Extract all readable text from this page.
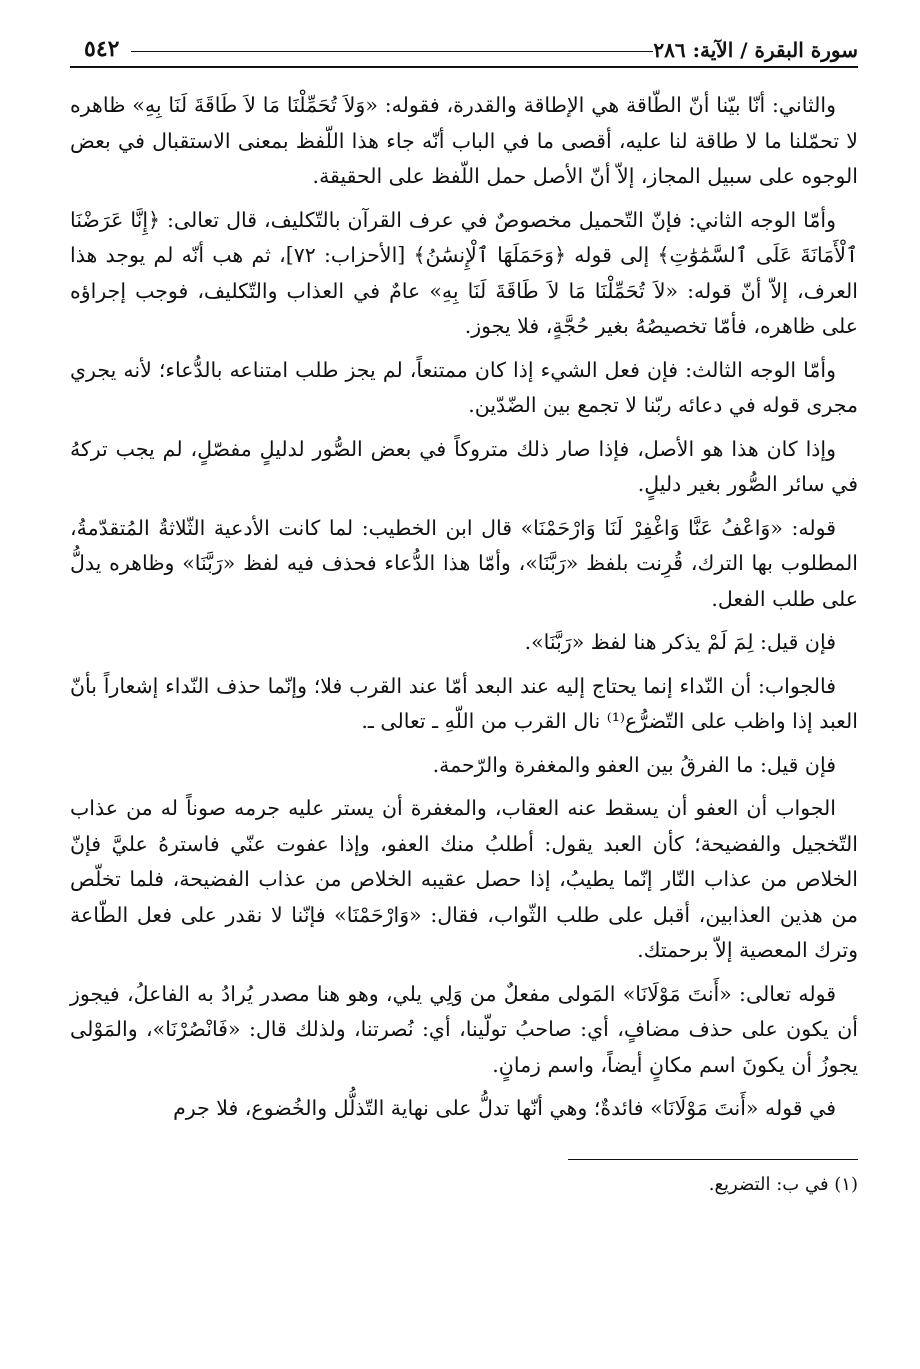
سورة البقرة / الآية: ٢٨٦
٥٤٢

والثاني: أنّا بيّنا أنّ الطّاقة هي الإطاقة والقدرة، فقوله: «وَلاَ تُحَمِّلْنَا مَا لاَ طَاقَةَ لَنَا بِهِ» ظاهره لا تحمّلنا ما لا طاقة لنا عليه، أقصى ما في الباب أنّه جاء هذا اللّفظ بمعنى الاستقبال في بعض الوجوه على سبيل المجاز، إلاّ أنّ الأصل حمل اللّفظ على الحقيقة.

وأمّا الوجه الثاني: فإنّ التّحميل مخصوصٌ في عرف القرآن بالتّكليف، قال تعالى: ﴿إِنَّا عَرَضْنَا ٱلْأَمَانَةَ عَلَى ٱلسَّمَٰوَٰتِ﴾ إلى قوله ﴿وَحَمَلَهَا ٱلْإِنسَٰنُ﴾ [الأحزاب: ٧٢]، ثم هب أنّه لم يوجد هذا العرف، إلاّ أنّ قوله: «لاَ تُحَمِّلْنَا مَا لاَ طَاقَةَ لَنَا بِهِ» عامٌ في العذاب والتّكليف، فوجب إجراؤه على ظاهره، فأمّا تخصيصُهُ بغير حُجَّةٍ، فلا يجوز.

وأمّا الوجه الثالث: فإن فعل الشيء إذا كان ممتنعاً، لم يجز طلب امتناعه بالدُّعاء؛ لأنه يجري مجرى قوله في دعائه ربّنا لا تجمع بين الضّدّين.

وإذا كان هذا هو الأصل، فإذا صار ذلك متروكاً في بعض الصُّور لدليلٍ مفصّلٍ، لم يجب تركهُ في سائر الصُّور بغير دليلٍ.

قوله: «وَاعْفُ عَنَّا وَاغْفِرْ لَنَا وَارْحَمْنَا» قال ابن الخطيب: لما كانت الأدعية الثّلاثةُ المُتقدّمةُ، المطلوب بها الترك، قُرِنت بلفظ «رَبَّنَا»، وأمّا هذا الدُّعاء فحذف فيه لفظ «رَبَّنَا» وظاهره يدلُّ على طلب الفعل.

فإن قيل: لِمَ لَمْ يذكر هنا لفظ «رَبَّنَا».

فالجواب: أن النّداء إنما يحتاج إليه عند البعد أمّا عند القرب فلا؛ وإنّما حذف النّداء إشعاراً بأنّ العبد إذا واظب على التّضرُّع⁽¹⁾ نال القرب من اللّهِ ـ تعالى ـ.

فإن قيل: ما الفرقُ بين العفو والمغفرة والرّحمة.

الجواب أن العفو أن يسقط عنه العقاب، والمغفرة أن يستر عليه جرمه صوناً له من عذاب التّخجيل والفضيحة؛ كأن العبد يقول: أطلبُ منك العفو، وإذا عفوت عنّي فاسترهُ عليَّ فإنّ الخلاص من عذاب النّار إنّما يطيبُ، إذا حصل عقيبه الخلاص من عذاب الفضيحة، فلما تخلّص من هذين العذابين، أقبل على طلب الثّواب، فقال: «وَارْحَمْنَا» فإنّنا لا نقدر على فعل الطّاعة وترك المعصية إلاّ برحمتك.

قوله تعالى: «أَنتَ مَوْلَانَا» المَولى مفعلٌ من وَلِي يلي، وهو هنا مصدر يُرادُ به الفاعلُ، فيجوز أن يكون على حذف مضافٍ، أي: صاحبُ تولّينا، أي: نُصرتنا، ولذلك قال: «فَانْصُرْنَا»، والمَوْلى يجوزُ أن يكونَ اسم مكانٍ أيضاً، واسم زمانٍ.

في قوله «أَنتَ مَوْلَانَا» فائدةٌ؛ وهي أنّها تدلُّ على نهاية التّذلُّل والخُضوع، فلا جرم

(١) في ب: التضريع.
